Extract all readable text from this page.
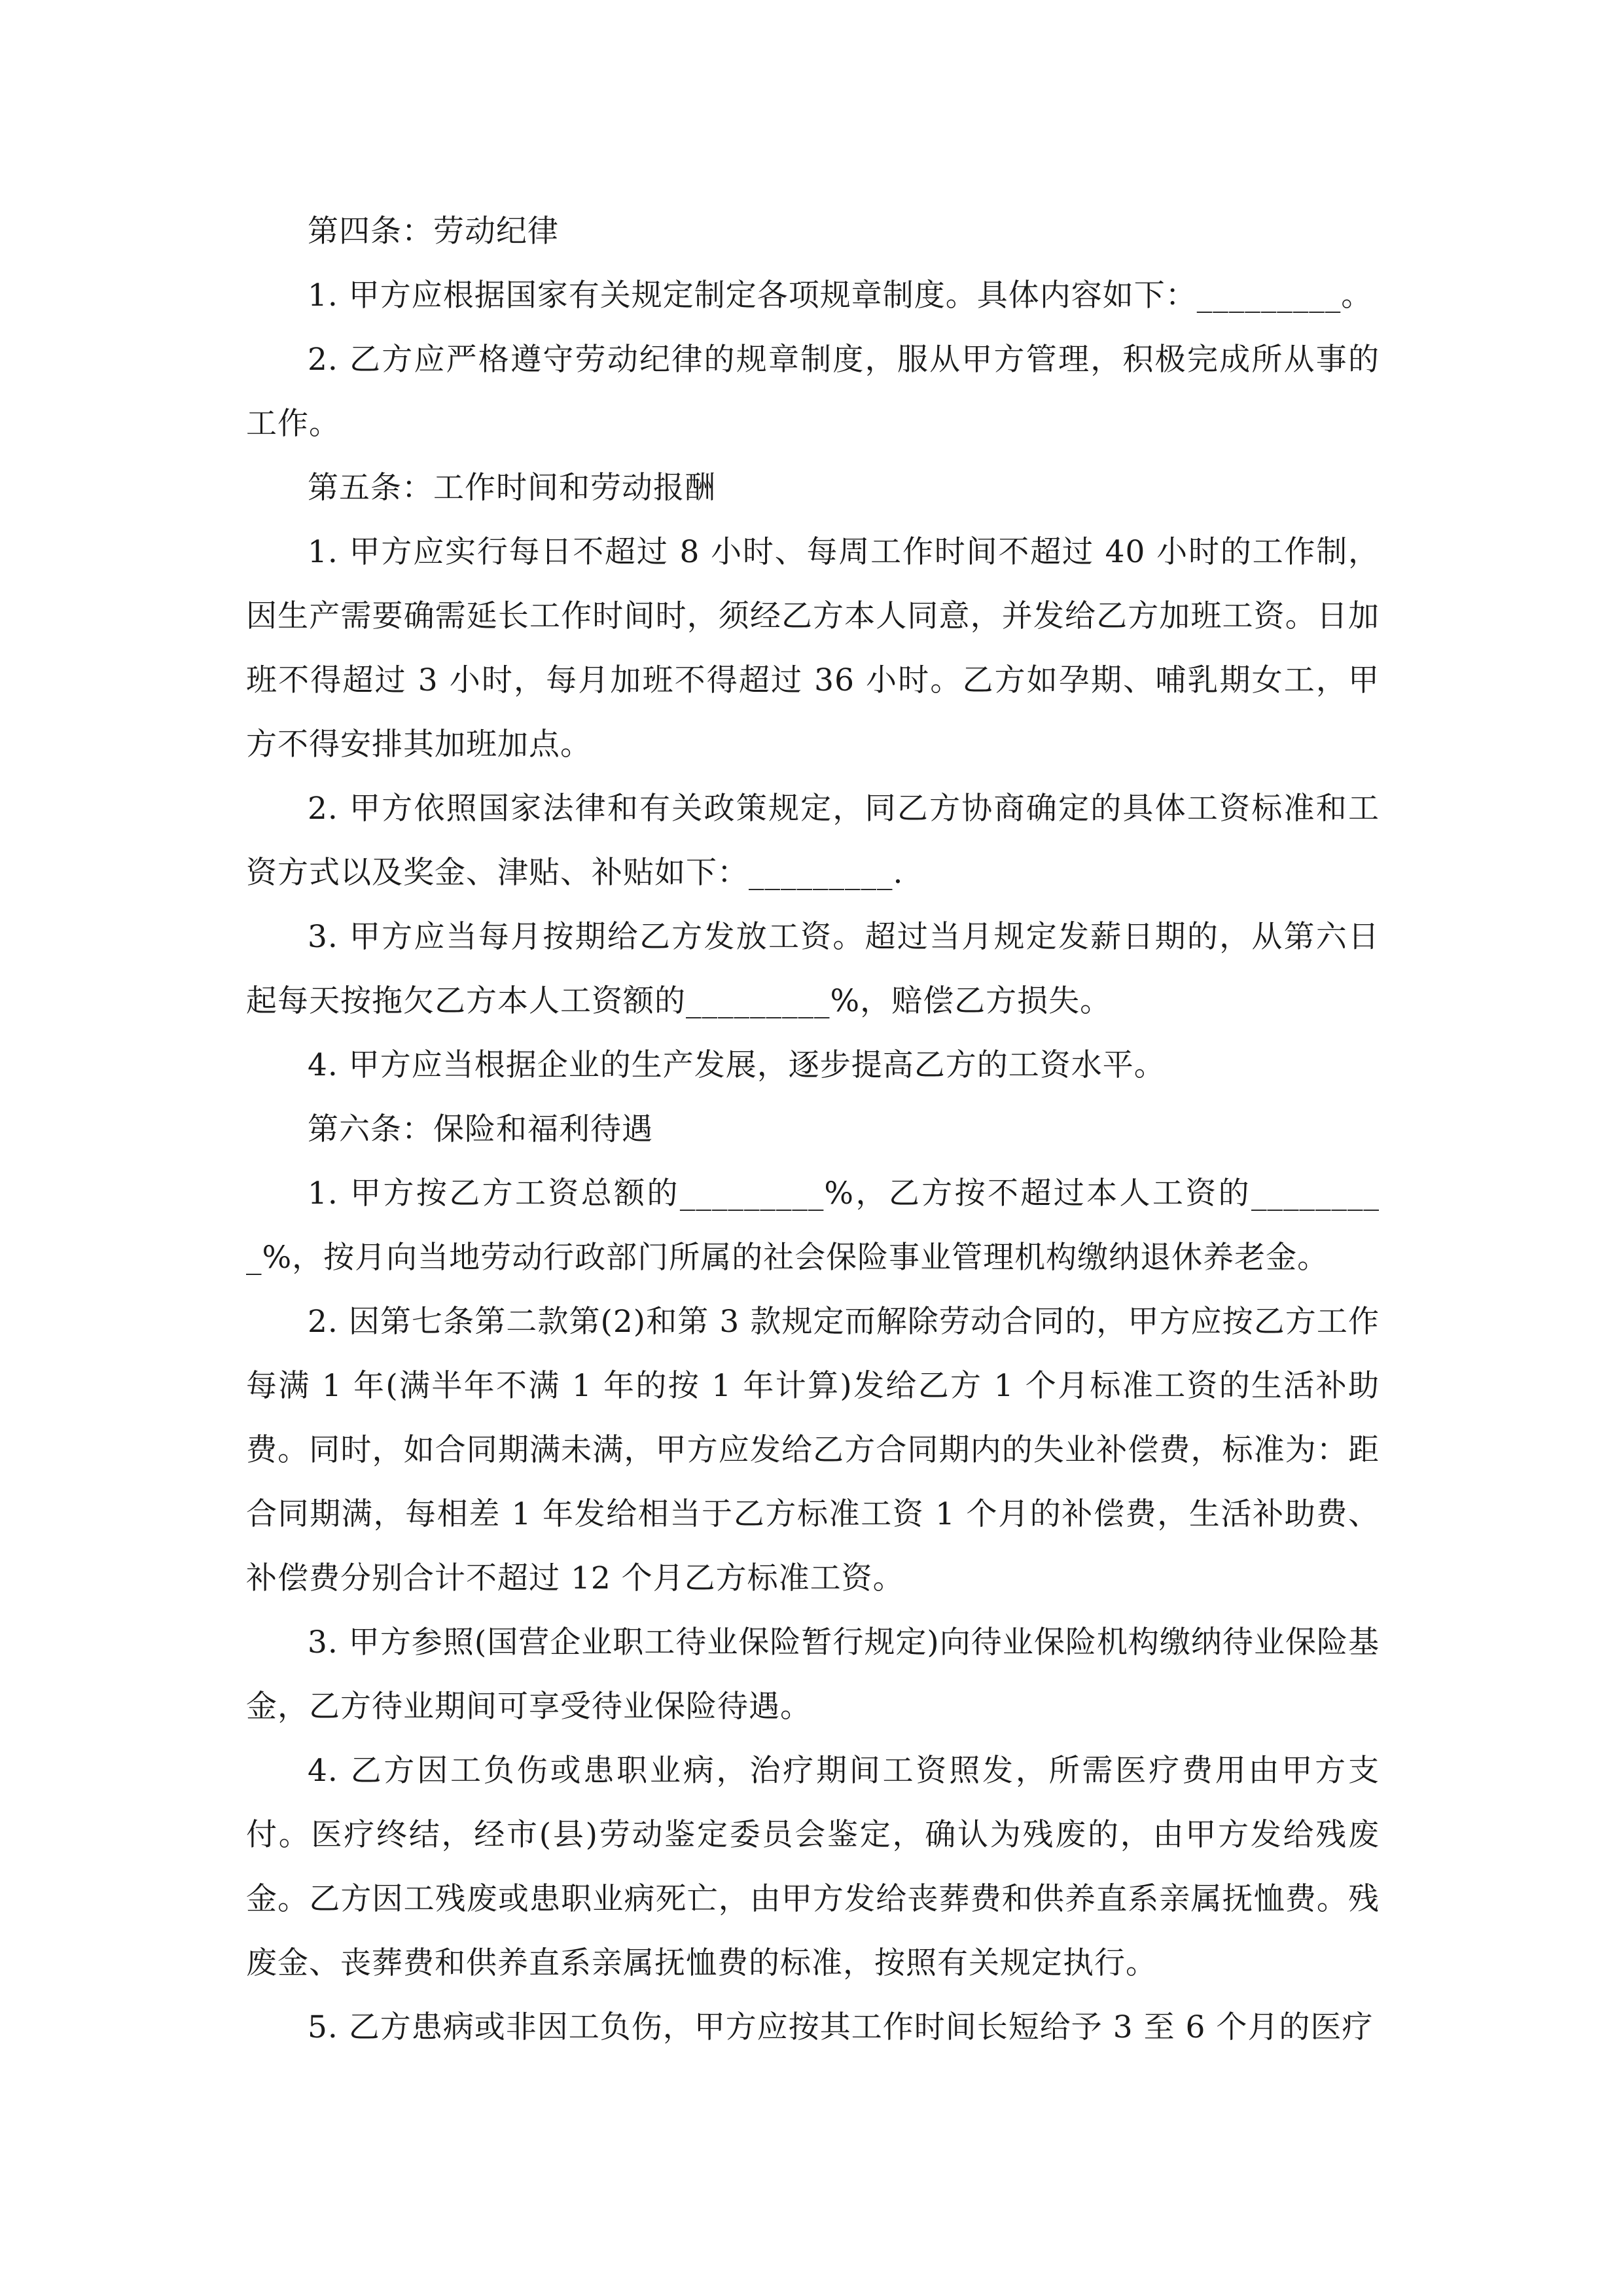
第四条：劳动纪律

1. 甲方应根据国家有关规定制定各项规章制度。具体内容如下：_________。

2. 乙方应严格遵守劳动纪律的规章制度，服从甲方管理，积极完成所从事的工作。

第五条：工作时间和劳动报酬

1. 甲方应实行每日不超过 8 小时、每周工作时间不超过 40 小时的工作制，因生产需要确需延长工作时间时，须经乙方本人同意，并发给乙方加班工资。日加班不得超过 3 小时，每月加班不得超过 36 小时。乙方如孕期、哺乳期女工，甲方不得安排其加班加点。

2. 甲方依照国家法律和有关政策规定，同乙方协商确定的具体工资标准和工资方式以及奖金、津贴、补贴如下：_________.

3. 甲方应当每月按期给乙方发放工资。超过当月规定发薪日期的，从第六日起每天按拖欠乙方本人工资额的_________%，赔偿乙方损失。

4. 甲方应当根据企业的生产发展，逐步提高乙方的工资水平。

第六条：保险和福利待遇

1. 甲方按乙方工资总额的_________%，乙方按不超过本人工资的_________%，按月向当地劳动行政部门所属的社会保险事业管理机构缴纳退休养老金。

2. 因第七条第二款第(2)和第 3 款规定而解除劳动合同的，甲方应按乙方工作每满 1 年(满半年不满 1 年的按 1 年计算)发给乙方 1 个月标准工资的生活补助费。同时，如合同期满未满，甲方应发给乙方合同期内的失业补偿费，标准为：距合同期满，每相差 1 年发给相当于乙方标准工资 1 个月的补偿费，生活补助费、补偿费分别合计不超过 12 个月乙方标准工资。

3. 甲方参照(国营企业职工待业保险暂行规定)向待业保险机构缴纳待业保险基金，乙方待业期间可享受待业保险待遇。

4. 乙方因工负伤或患职业病，治疗期间工资照发，所需医疗费用由甲方支付。医疗终结，经市(县)劳动鉴定委员会鉴定，确认为残废的，由甲方发给残废金。乙方因工残废或患职业病死亡，由甲方发给丧葬费和供养直系亲属抚恤费。残废金、丧葬费和供养直系亲属抚恤费的标准，按照有关规定执行。

5. 乙方患病或非因工负伤，甲方应按其工作时间长短给予 3 至 6 个月的医疗
